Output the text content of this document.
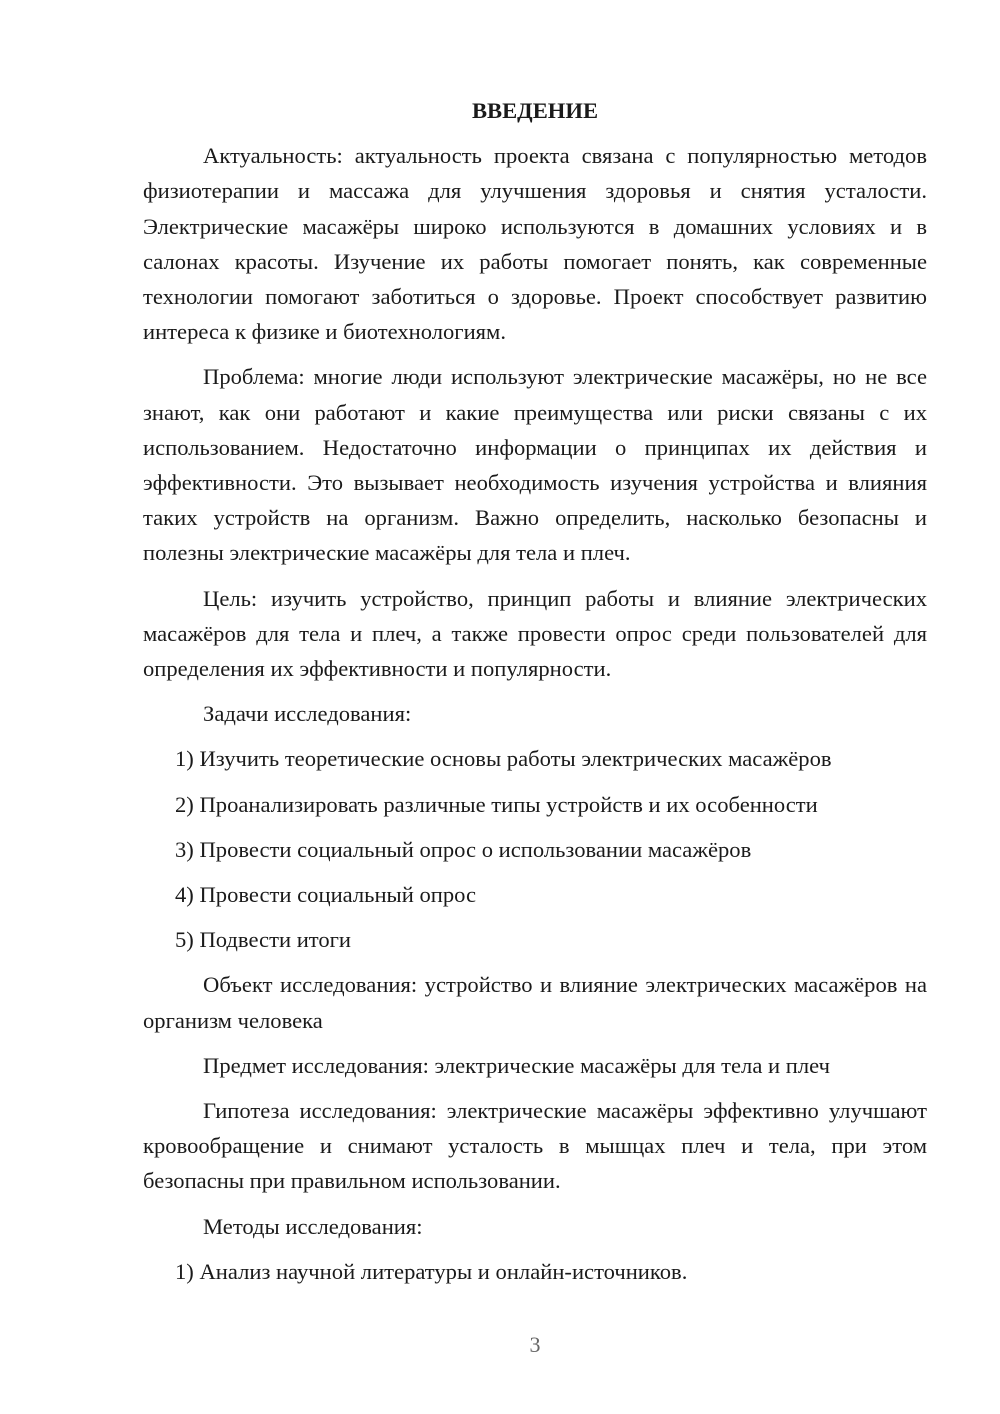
ВВЕДЕНИЕ
Актуальность: актуальность проекта связана с популярностью методов физиотерапии и массажа для улучшения здоровья и снятия усталости. Электрические масажёры широко используются в домашних условиях и в салонах красоты. Изучение их работы помогает понять, как современные технологии помогают заботиться о здоровье. Проект способствует развитию интереса к физике и биотехнологиям.
Проблема: многие люди используют электрические масажёры, но не все знают, как они работают и какие преимущества или риски связаны с их использованием. Недостаточно информации о принципах их действия и эффективности. Это вызывает необходимость изучения устройства и влияния таких устройств на организм. Важно определить, насколько безопасны и полезны электрические масажёры для тела и плеч.
Цель: изучить устройство, принцип работы и влияние электрических масажёров для тела и плеч, а также провести опрос среди пользователей для определения их эффективности и популярности.
Задачи исследования:
1) Изучить теоретические основы работы электрических масажёров
2) Проанализировать различные типы устройств и их особенности
3) Провести социальный опрос о использовании масажёров
4) Провести социальный опрос
5) Подвести итоги
Объект исследования: устройство и влияние электрических масажёров на организм человека
Предмет исследования: электрические масажёры для тела и плеч
Гипотеза исследования: электрические масажёры эффективно улучшают кровообращение и снимают усталость в мышцах плеч и тела, при этом безопасны при правильном использовании.
Методы исследования:
1) Анализ научной литературы и онлайн-источников.
3
